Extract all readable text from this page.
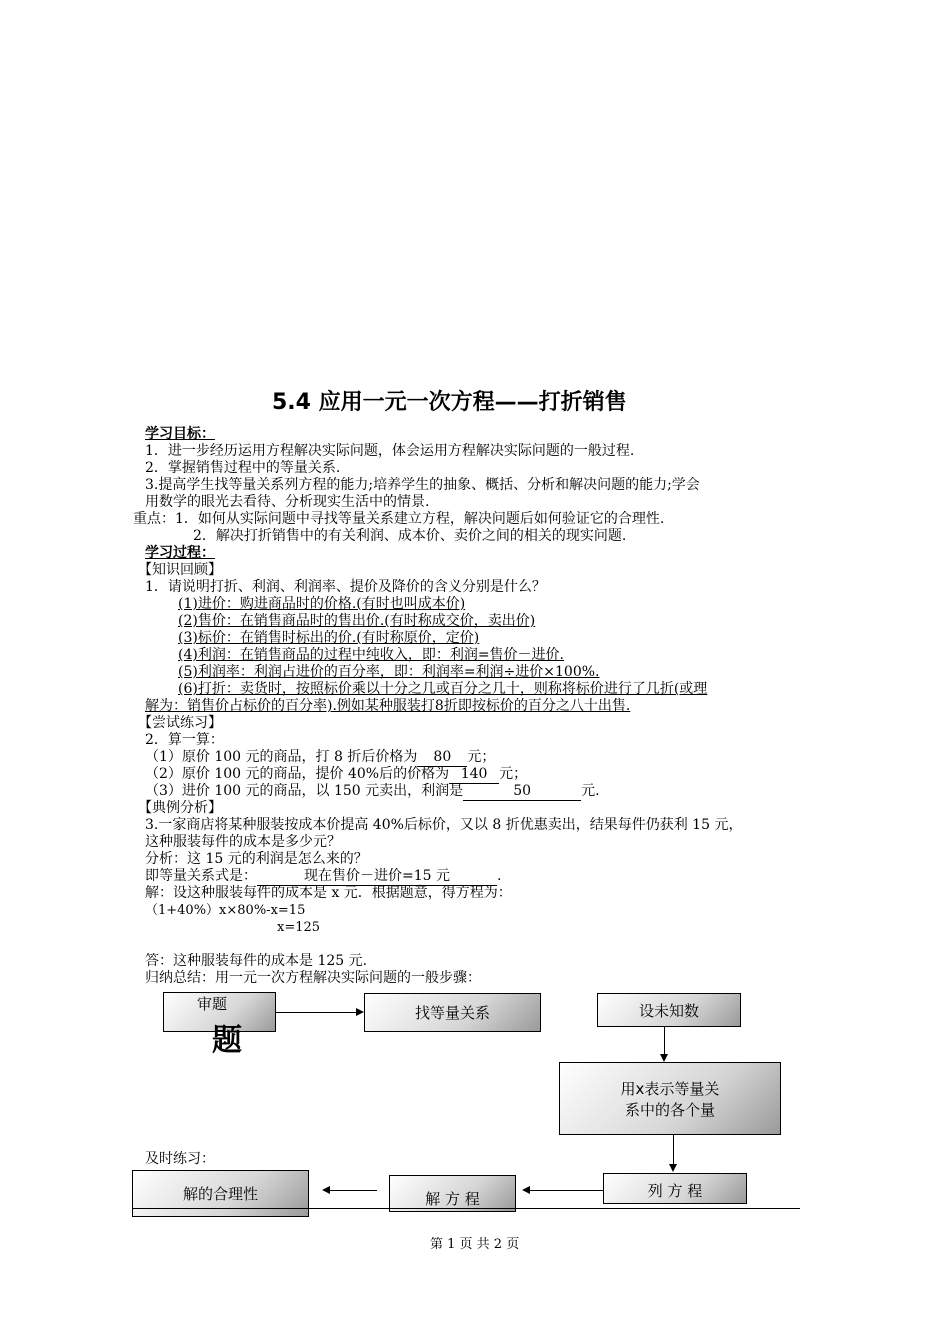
5.4 应用一元一次方程——打折销售
学习目标：
1．进一步经历运用方程解决实际问题，体会运用方程解决实际问题的一般过程.
2．掌握销售过程中的等量关系.
3.提高学生找等量关系列方程的能力;培养学生的抽象、概括、分析和解决问题的能力;学会
用数学的眼光去看待、分析现实生活中的情景.
重点：1．如何从实际问题中寻找等量关系建立方程，解决问题后如何验证它的合理性.
2．解决打折销售中的有关利润、成本价、卖价之间的相关的现实问题.
学习过程：
【知识回顾】
1．请说明打折、利润、利润率、提价及降价的含义分别是什么？
(1)进价：购进商品时的价格.(有时也叫成本价)
(2)售价：在销售商品时的售出价.(有时称成交价，卖出价)
(3)标价：在销售时标出的价.(有时称原价，定价)
(4)利润：在销售商品的过程中纯收入，即：利润=售价－进价.
(5)利润率：利润占进价的百分率，即：利润率=利润÷进价×100%.
(6)打折：卖货时，按照标价乘以十分之几或百分之几十，则称将标价进行了几折(或理
解为：销售价占标价的百分率).例如某种服装打8折即按标价的百分之八十出售.
【尝试练习】
2．算一算：
（1）原价 100 元的商品，打 8 折后价格为 80 元；
（2）原价 100 元的商品，提价 40%后的价格为 140 元；
（3）进价 100 元的商品，以 150 元卖出，利润是	50	元.
【典例分析】
3.一家商店将某种服装按成本价提高 40%后标价，又以 8 折优惠卖出，结果每件仍获利 15 元，
这种服装每件的成本是多少元？
分析：这 15 元的利润是怎么来的？
即等量关系式是：	现在售价－进价=15 元	.
解：设这种服装每件的成本是 x 元．根据题意，得方程为：
（1+40%）x×80%-x=15
x=125
答：这种服装每件的成本是 125 元.
归纳总结：用一元一次方程解决实际问题的一般步骤：
审题
题
找等量关系	设未知数
用x表示等量关
系中的各个量
及时练习：
列 方 程
解 方 程
解的合理性
第 1 页 共 2 页
